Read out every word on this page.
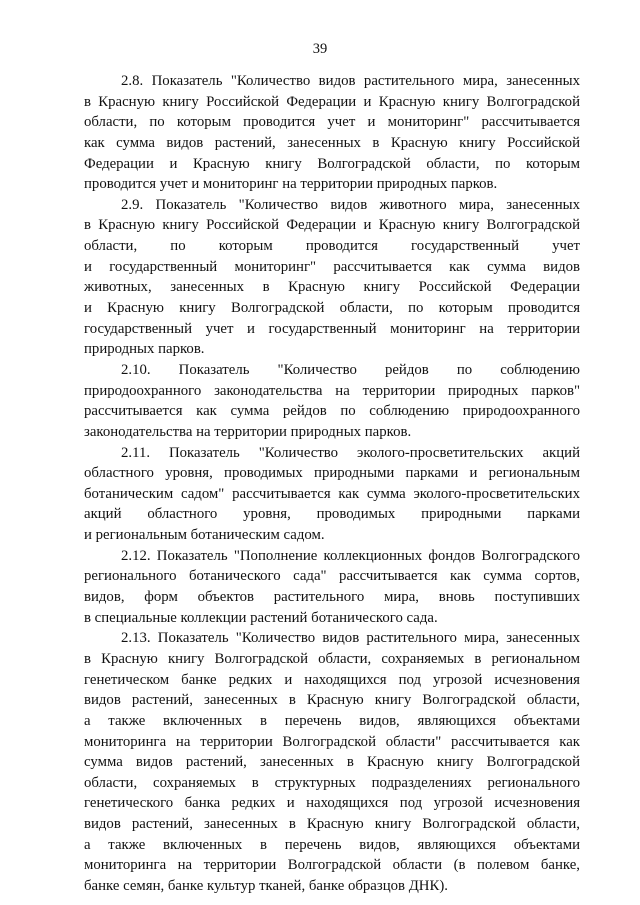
39
2.8. Показатель "Количество видов растительного мира, занесенных
в Красную книгу Российской Федерации и Красную книгу Волгоградской
области, по которым проводится учет и мониторинг" рассчитывается
как сумма видов растений, занесенных в Красную книгу Российской
Федерации и Красную книгу Волгоградской области, по которым
проводится учет и мониторинг на территории природных парков.
2.9. Показатель "Количество видов животного мира, занесенных
в Красную книгу Российской Федерации и Красную книгу Волгоградской
области, по которым проводится государственный учет
и государственный мониторинг" рассчитывается как сумма видов
животных, занесенных в Красную книгу Российской Федерации
и Красную книгу Волгоградской области, по которым проводится
государственный учет и государственный мониторинг на территории
природных парков.
2.10. Показатель "Количество рейдов по соблюдению
природоохранного законодательства на территории природных парков"
рассчитывается как сумма рейдов по соблюдению природоохранного
законодательства на территории природных парков.
2.11. Показатель "Количество эколого-просветительских акций
областного уровня, проводимых природными парками и региональным
ботаническим садом" рассчитывается как сумма эколого-просветительских
акций областного уровня, проводимых природными парками
и региональным ботаническим садом.
2.12. Показатель "Пополнение коллекционных фондов Волгоградского
регионального ботанического сада" рассчитывается как сумма сортов,
видов, форм объектов растительного мира, вновь поступивших
в специальные коллекции растений ботанического сада.
2.13. Показатель "Количество видов растительного мира, занесенных
в Красную книгу Волгоградской области, сохраняемых в региональном
генетическом банке редких и находящихся под угрозой исчезновения
видов растений, занесенных в Красную книгу Волгоградской области,
а также включенных в перечень видов, являющихся объектами
мониторинга на территории Волгоградской области" рассчитывается как
сумма видов растений, занесенных в Красную книгу Волгоградской
области, сохраняемых в структурных подразделениях регионального
генетического банка редких и находящихся под угрозой исчезновения
видов растений, занесенных в Красную книгу Волгоградской области,
а также включенных в перечень видов, являющихся объектами
мониторинга на территории Волгоградской области (в полевом банке,
банке семян, банке культур тканей, банке образцов ДНК).
